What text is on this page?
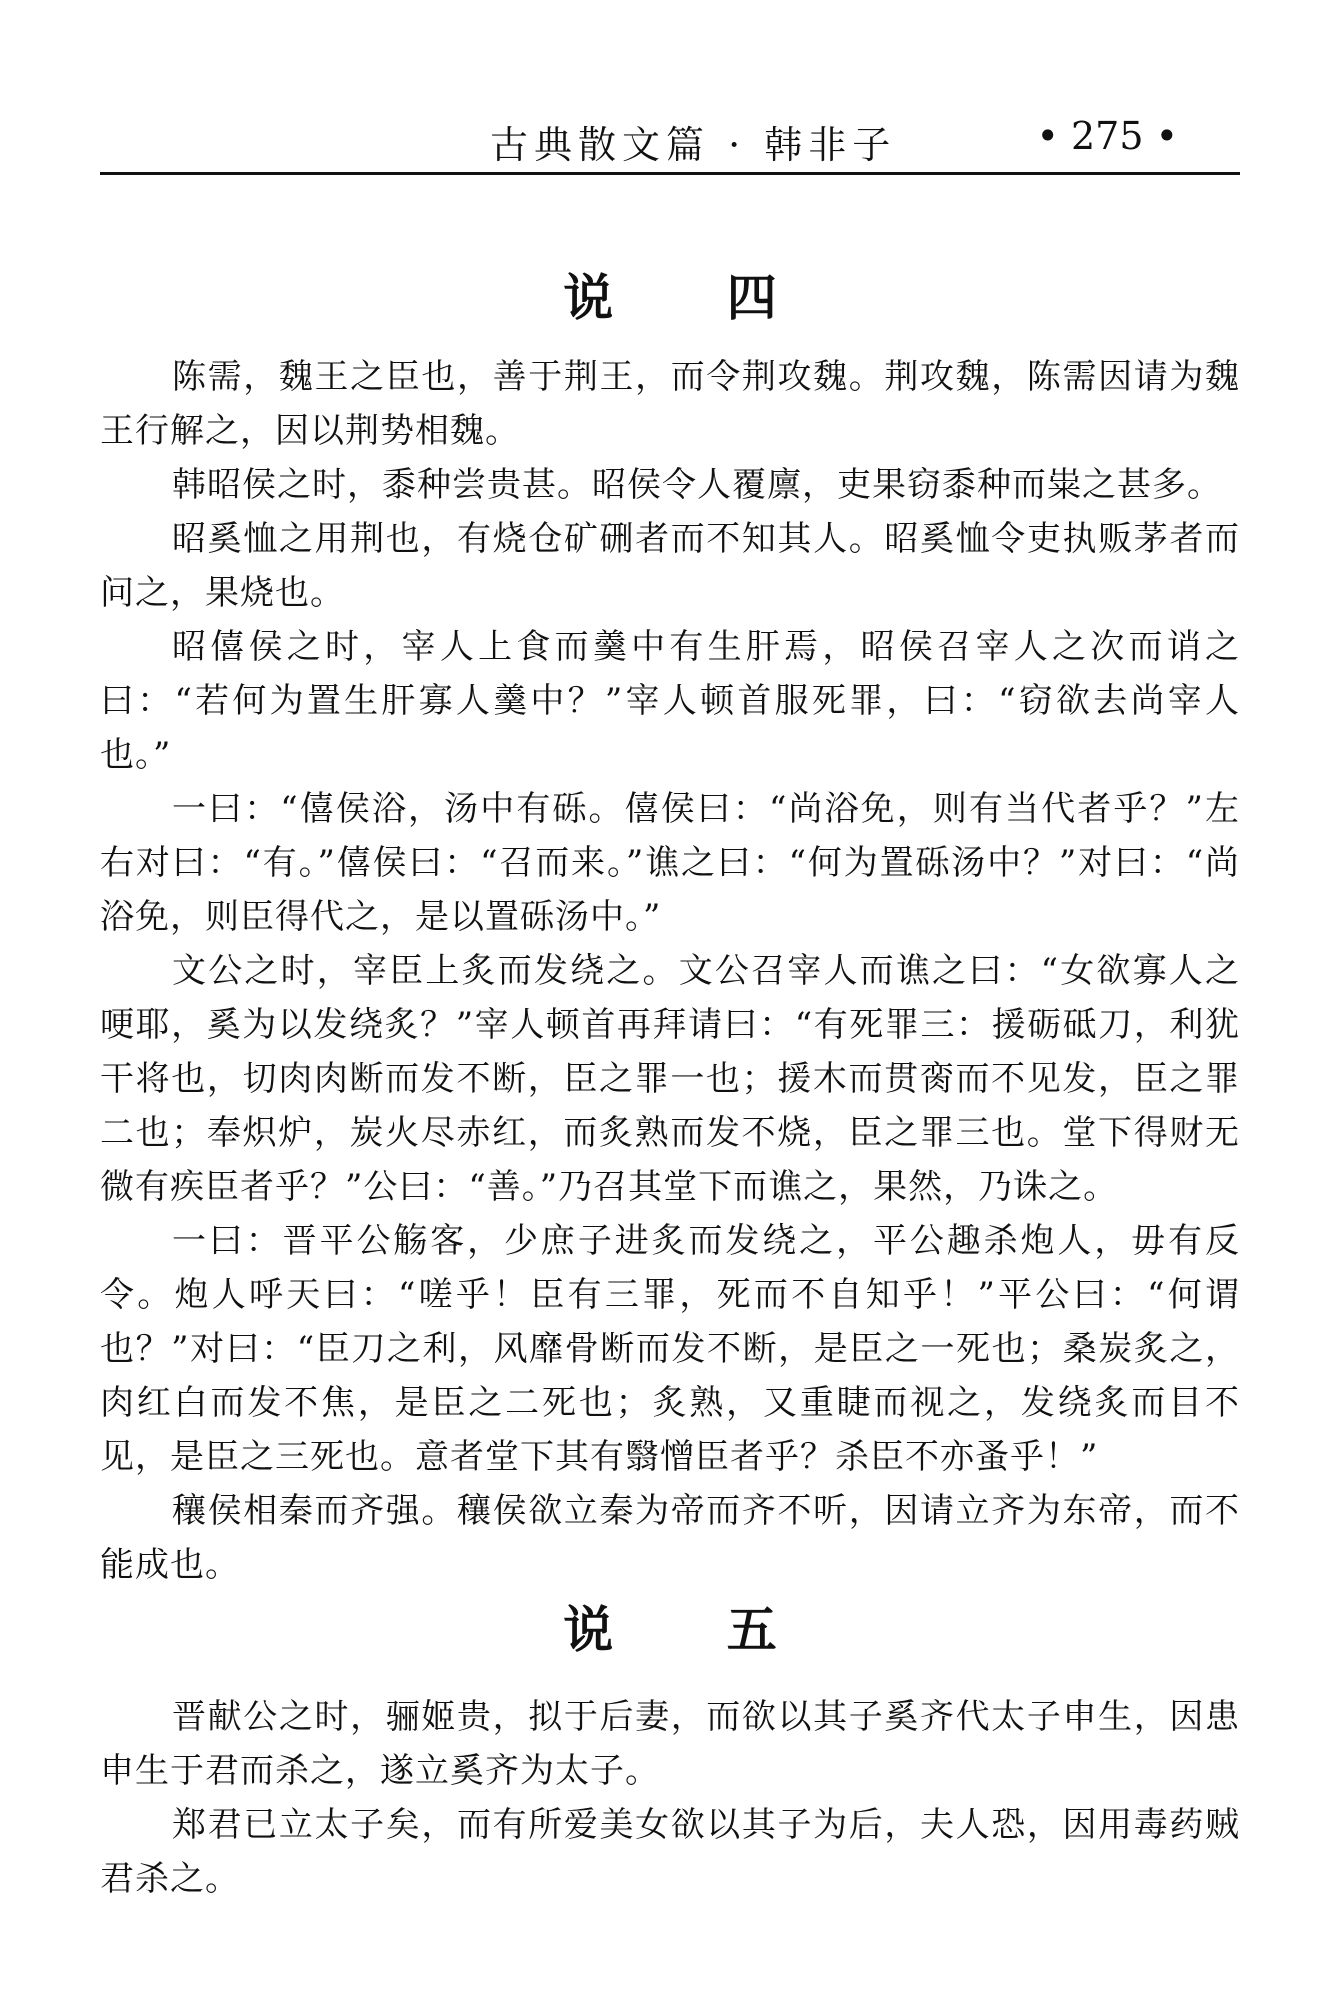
古典散文篇 · 韩非子	• 275 •
说 四

陈需，魏王之臣也，善于荆王，而令荆攻魏。荆攻魏，陈需因请为魏王行解之，因以荆势相魏。

韩昭侯之时，黍种尝贵甚。昭侯令人覆廪，吏果窃黍种而粜之甚多。

昭奚恤之用荆也，有烧仓矿硎者而不知其人。昭奚恤令吏执贩茅者而问之，果烧也。

昭僖侯之时，宰人上食而羹中有生肝焉，昭侯召宰人之次而诮之曰：“若何为置生肝寡人羹中？”宰人顿首服死罪，曰：“窃欲去尚宰人也。”

一曰：“僖侯浴，汤中有砾。僖侯曰：“尚浴免，则有当代者乎？”左右对曰：“有。”僖侯曰：“召而来。”谯之曰：“何为置砾汤中？”对曰：“尚浴免，则臣得代之，是以置砾汤中。”

文公之时，宰臣上炙而发绕之。文公召宰人而谯之曰：“女欲寡人之哽耶，奚为以发绕炙？”宰人顿首再拜请曰：“有死罪三：援砺砥刀，利犹干将也，切肉肉断而发不断，臣之罪一也；援木而贯脔而不见发，臣之罪二也；奉炽炉，炭火尽赤红，而炙熟而发不烧，臣之罪三也。堂下得财无微有疾臣者乎？”公曰：“善。”乃召其堂下而谯之，果然，乃诛之。

一曰：晋平公觞客，少庶子进炙而发绕之，平公趣杀炮人，毋有反令。炮人呼天曰：“嗟乎！臣有三罪，死而不自知乎！”平公曰：“何谓也？”对曰：“臣刀之利，风靡骨断而发不断，是臣之一死也；桑炭炙之，肉红白而发不焦，是臣之二死也；炙熟，又重睫而视之，发绕炙而目不见，是臣之三死也。意者堂下其有翳憎臣者乎？杀臣不亦蚤乎！”

穰侯相秦而齐强。穰侯欲立秦为帝而齐不听，因请立齐为东帝，而不能成也。

说 五

晋献公之时，骊姬贵，拟于后妻，而欲以其子奚齐代太子申生，因患申生于君而杀之，遂立奚齐为太子。

郑君已立太子矣，而有所爱美女欲以其子为后，夫人恐，因用毒药贼君杀之。
